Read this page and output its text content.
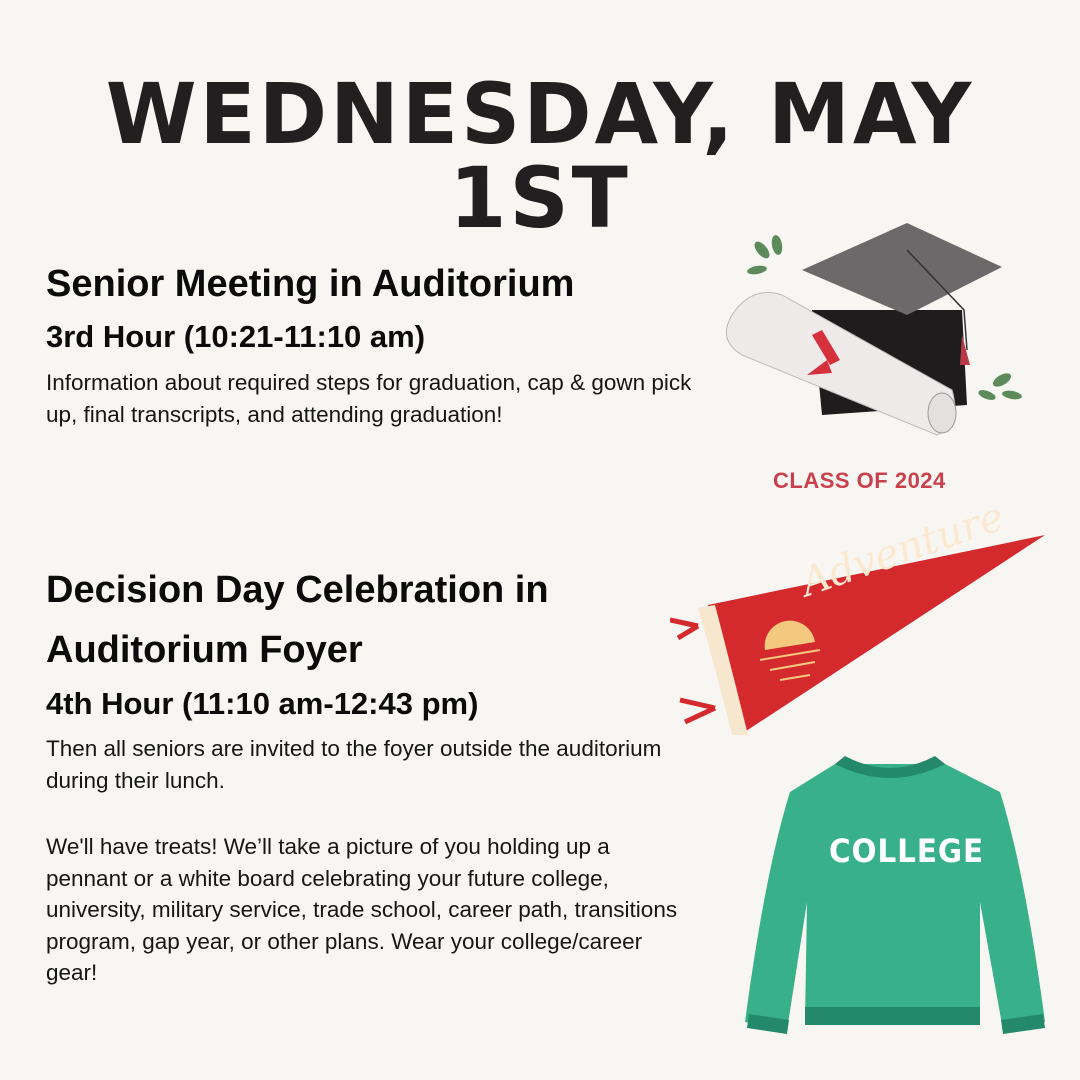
WEDNESDAY, MAY 1ST
Senior Meeting in Auditorium
3rd Hour (10:21-11:10 am)
Information about required steps for graduation, cap & gown pick up, final transcripts, and attending graduation!
CLASS OF 2024
Decision Day Celebration in
Auditorium Foyer
4th Hour (11:10 am-12:43 pm)
Then all seniors are invited to the foyer outside the auditorium during their lunch.
We'll have treats! We’ll take a picture of you holding up a pennant or a white board celebrating your future college, university, military service, trade school, career path, transitions program, gap year, or other plans. Wear your college/career gear!
Adventure
COLLEGE
